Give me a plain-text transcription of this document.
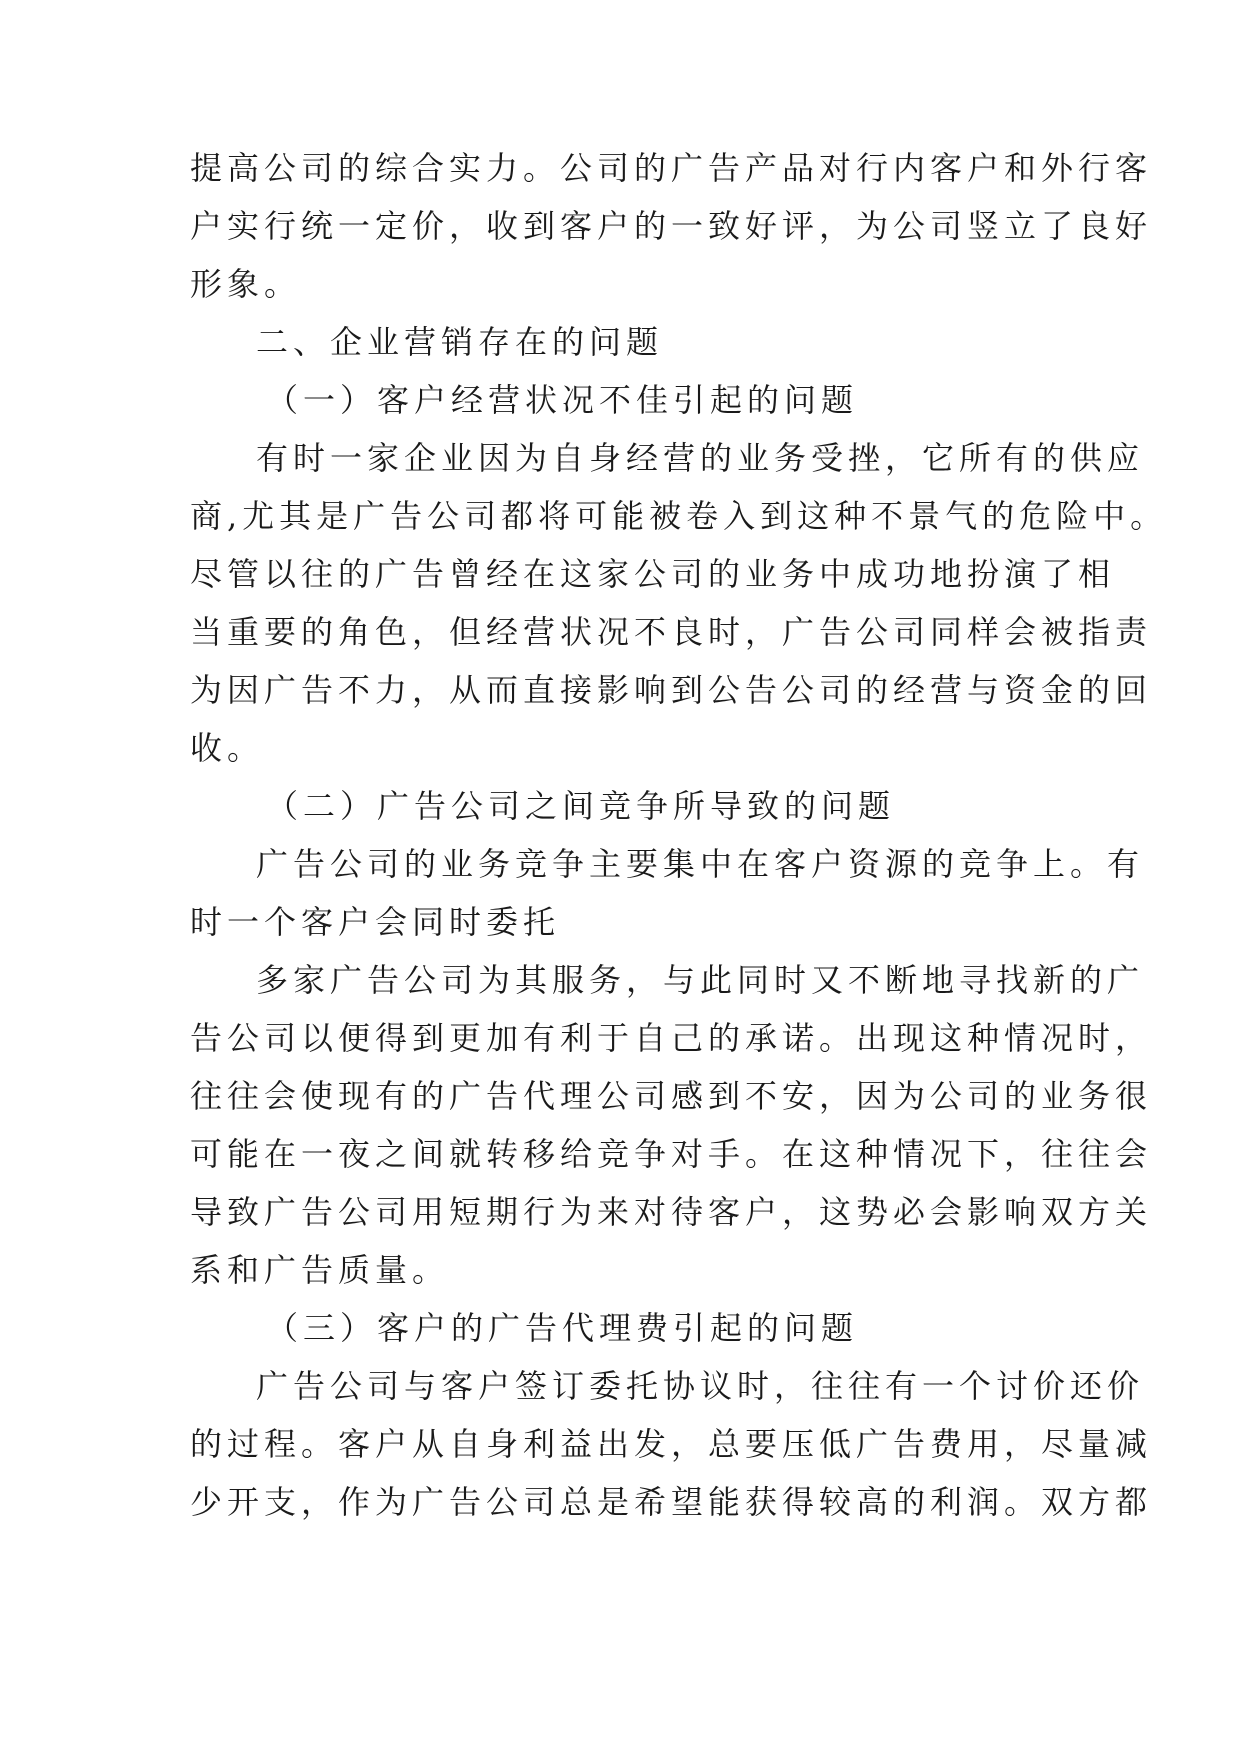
提高公司的综合实力。公司的广告产品对行内客户和外行客
户实行统一定价，收到客户的一致好评，为公司竖立了良好
形象。
二、企业营销存在的问题
（一）客户经营状况不佳引起的问题
有时一家企业因为自身经营的业务受挫，它所有的供应
商,尤其是广告公司都将可能被卷入到这种不景气的危险中。
尽管以往的广告曾经在这家公司的业务中成功地扮演了相
当重要的角色，但经营状况不良时，广告公司同样会被指责
为因广告不力，从而直接影响到公告公司的经营与资金的回
收。
（二）广告公司之间竞争所导致的问题
广告公司的业务竞争主要集中在客户资源的竞争上。有
时一个客户会同时委托
多家广告公司为其服务，与此同时又不断地寻找新的广
告公司以便得到更加有利于自己的承诺。出现这种情况时，
往往会使现有的广告代理公司感到不安，因为公司的业务很
可能在一夜之间就转移给竞争对手。在这种情况下，往往会
导致广告公司用短期行为来对待客户，这势必会影响双方关
系和广告质量。
（三）客户的广告代理费引起的问题
广告公司与客户签订委托协议时，往往有一个讨价还价
的过程。客户从自身利益出发，总要压低广告费用，尽量减
少开支，作为广告公司总是希望能获得较高的利润。双方都
